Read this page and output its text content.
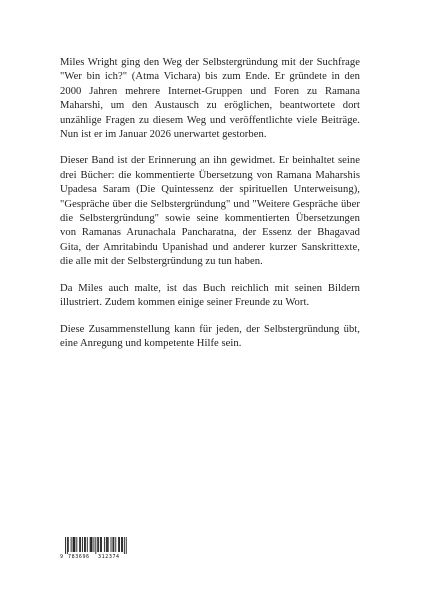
Miles Wright ging den Weg der Selbstergründung mit der Suchfrage "Wer bin ich?" (Atma Vichara) bis zum Ende. Er gründete in den 2000 Jahren mehrere Internet-Gruppen und Foren zu Ramana Maharshi, um den Austausch zu eröglichen, beantwortete dort unzählige Fragen zu diesem Weg und veröffentlichte viele Beiträge. Nun ist er im Januar 2026 unerwartet gestorben.

Dieser Band ist der Erinnerung an ihn gewidmet. Er beinhaltet seine drei Bücher: die kommentierte Übersetzung von Ramana Maharshis Upadesa Saram (Die Quintessenz der spirituellen Unterweisung), "Gespräche über die Selbstergründung" und "Weitere Gespräche über die Selbstergründung" sowie seine kommentierten Übersetzungen von Ramanas Arunachala Pancharatna, der Essenz der Bhagavad Gita, der Amritabindu Upanishad und anderer kurzer Sanskrittexte, die alle mit der Selbstergründung zu tun haben.

Da Miles auch malte, ist das Buch reichlich mit seinen Bildern illustriert. Zudem kommen einige seiner Freunde zu Wort.

Diese Zusammenstellung kann für jeden, der Selbstergründung übt, eine Anregung und kompetente Hilfe sein.

9 783696 312374
